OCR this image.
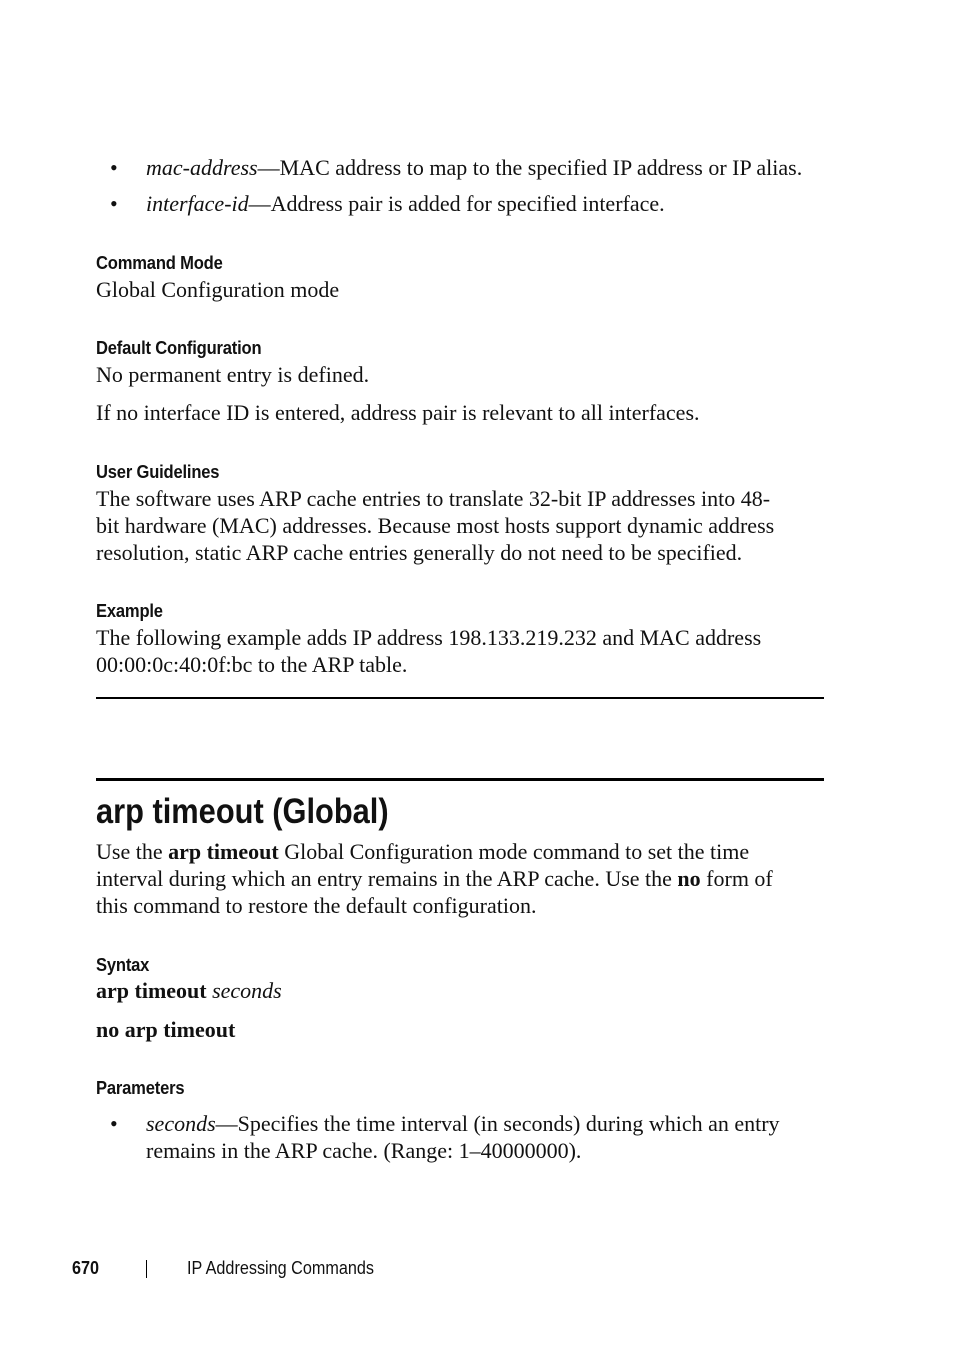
• mac-address—MAC address to map to the specified IP address or IP alias.
• interface-id—Address pair is added for specified interface.
Command Mode
Global Configuration mode
Default Configuration
No permanent entry is defined.
If no interface ID is entered, address pair is relevant to all interfaces.
User Guidelines
The software uses ARP cache entries to translate 32-bit IP addresses into 48-
bit hardware (MAC) addresses. Because most hosts support dynamic address
resolution, static ARP cache entries generally do not need to be specified.
Example
The following example adds IP address 198.133.219.232 and MAC address
00:00:0c:40:0f:bc to the ARP table.
arp timeout (Global)
Use the arp timeout Global Configuration mode command to set the time
interval during which an entry remains in the ARP cache. Use the no form of
this command to restore the default configuration.
Syntax
arp timeout seconds
no arp timeout
Parameters
• seconds—Specifies the time interval (in seconds) during which an entry
remains in the ARP cache. (Range: 1–40000000).
670	IP Addressing Commands
